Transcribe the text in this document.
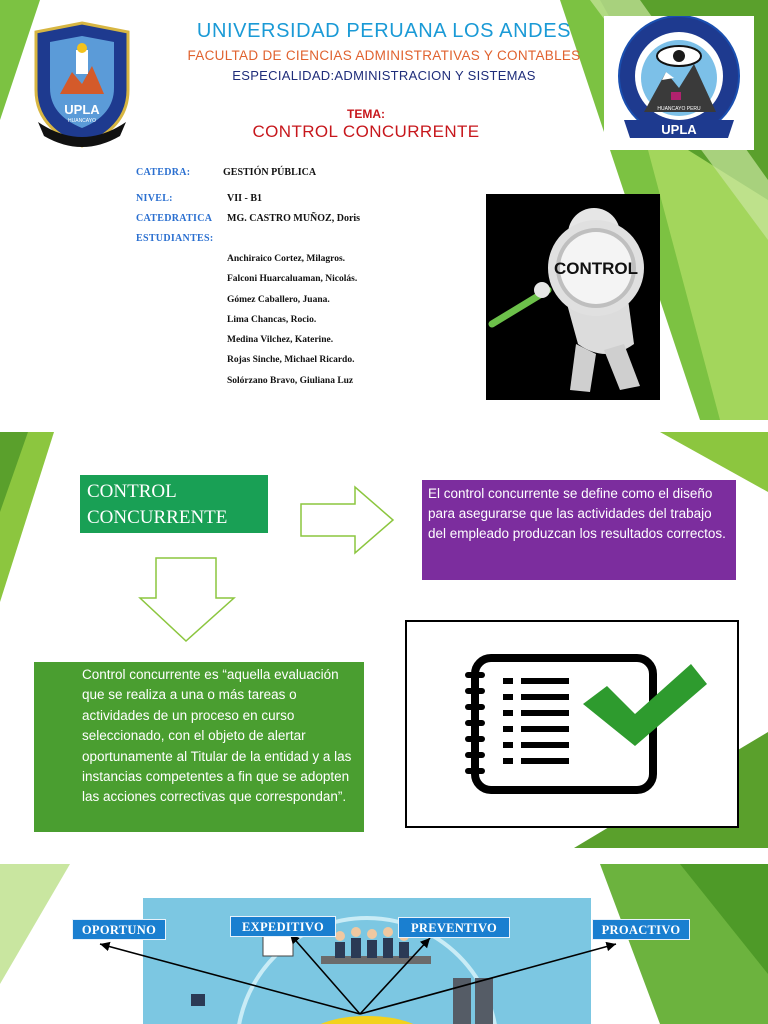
UPLA
HUANCAYO
HUANCAYO PERU
UPLA
UNIVERSIDAD PERUANA LOS ANDES
FACULTAD DE CIENCIAS ADMINISTRATIVAS Y CONTABLES
ESPECIALIDAD:ADMINISTRACION Y SISTEMAS
TEMA:
CONTROL CONCURRENTE
CATEDRA:	GESTIÓN PÚBLICA
NIVEL:	VII - B1
CATEDRATICA MG. CASTRO MUÑOZ, Doris
ESTUDIANTES:
Anchiraico Cortez, Milagros.
Falconi Huarcaluaman, Nicolás.
Gómez Caballero, Juana.
Lima Chancas, Rocio.
Medina Vilchez, Katerine.
Rojas Sinche, Michael Ricardo.
Solórzano Bravo, Giuliana Luz
CONTROL
CONTROL CONCURRENTE
El control concurrente se define como el diseño para asegurarse que las actividades del trabajo del empleado produzcan los resultados correctos.
Control concurrente es “aquella evaluación que se realiza a una o más tareas o actividades de un proceso en curso seleccionado, con el objeto de alertar oportunamente al Titular de la entidad y a las instancias competentes a fin que se adopten las acciones correctivas que correspondan”.
OPORTUNO	EXPEDITIVO	PREVENTIVO	PROACTIVO
